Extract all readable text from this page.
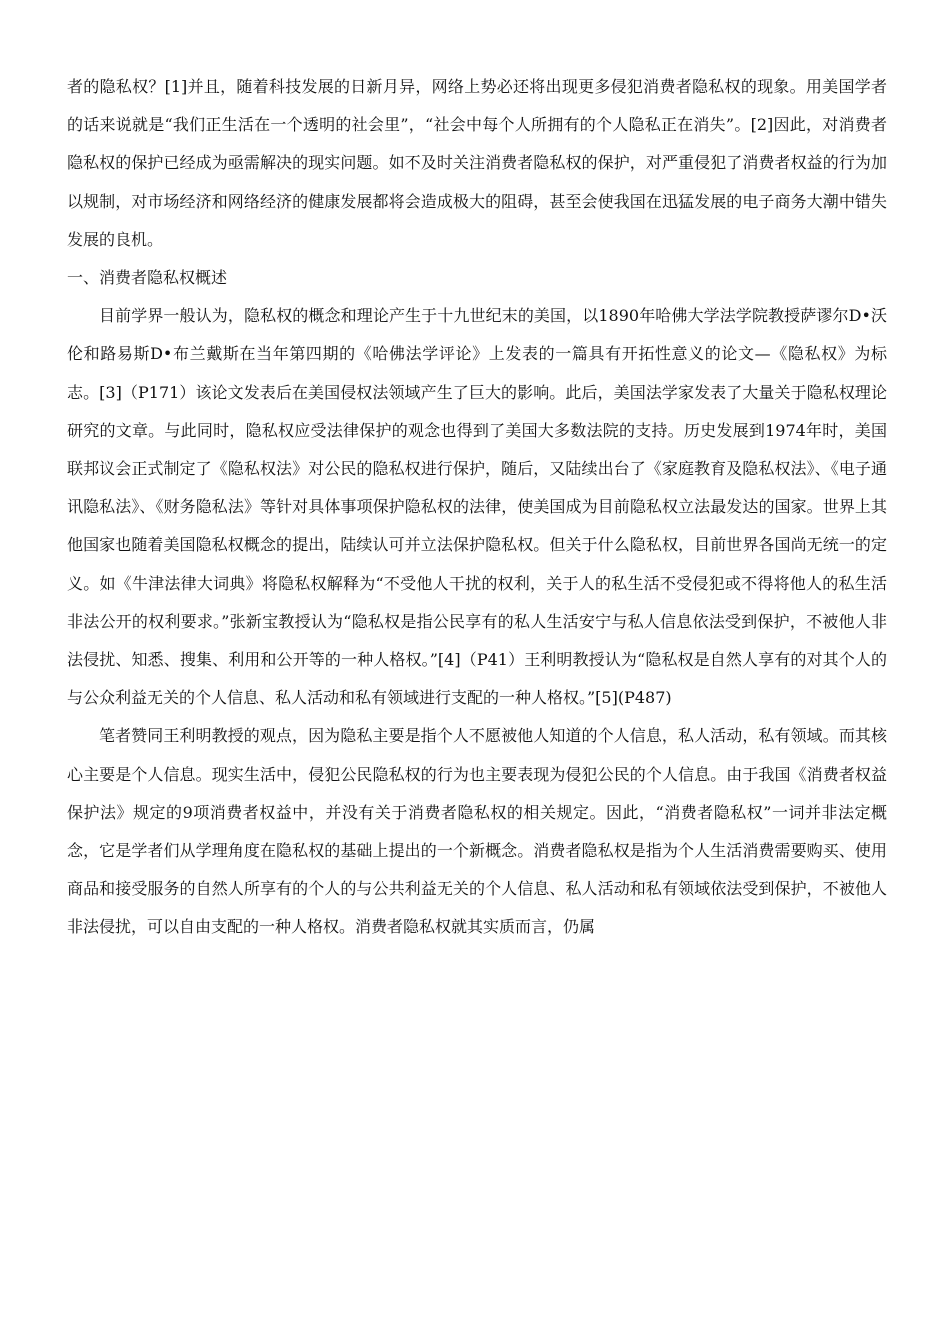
者的隐私权？[1]并且，随着科技发展的日新月异，网络上势必还将出现更多侵犯消费者隐私权的现象。用美国学者的话来说就是“我们正生活在一个透明的社会里”，“社会中每个人所拥有的个人隐私正在消失”。[2]因此，对消费者隐私权的保护已经成为亟需解决的现实问题。如不及时关注消费者隐私权的保护，对严重侵犯了消费者权益的行为加以规制，对市场经济和网络经济的健康发展都将会造成极大的阻碍，甚至会使我国在迅猛发展的电子商务大潮中错失发展的良机。

一、消费者隐私权概述

目前学界一般认为，隐私权的概念和理论产生于十九世纪末的美国，以1890年哈佛大学法学院教授萨谬尔D•沃伦和路易斯D•布兰戴斯在当年第四期的《哈佛法学评论》上发表的一篇具有开拓性意义的论文—《隐私权》为标志。[3]（P171）该论文发表后在美国侵权法领域产生了巨大的影响。此后，美国法学家发表了大量关于隐私权理论研究的文章。与此同时，隐私权应受法律保护的观念也得到了美国大多数法院的支持。历史发展到1974年时，美国联邦议会正式制定了《隐私权法》对公民的隐私权进行保护，随后，又陆续出台了《家庭教育及隐私权法》、《电子通讯隐私法》、《财务隐私法》等针对具体事项保护隐私权的法律，使美国成为目前隐私权立法最发达的国家。世界上其他国家也随着美国隐私权概念的提出，陆续认可并立法保护隐私权。但关于什么隐私权，目前世界各国尚无统一的定义。如《牛津法律大词典》将隐私权解释为“不受他人干扰的权利，关于人的私生活不受侵犯或不得将他人的私生活非法公开的权利要求。”张新宝教授认为“隐私权是指公民享有的私人生活安宁与私人信息依法受到保护，不被他人非法侵扰、知悉、搜集、利用和公开等的一种人格权。”[4]（P41）王利明教授认为“隐私权是自然人享有的对其个人的与公众利益无关的个人信息、私人活动和私有领域进行支配的一种人格权。”[5](P487)

笔者赞同王利明教授的观点，因为隐私主要是指个人不愿被他人知道的个人信息，私人活动，私有领域。而其核心主要是个人信息。现实生活中，侵犯公民隐私权的行为也主要表现为侵犯公民的个人信息。由于我国《消费者权益保护法》规定的9项消费者权益中，并没有关于消费者隐私权的相关规定。因此，“消费者隐私权”一词并非法定概念，它是学者们从学理角度在隐私权的基础上提出的一个新概念。消费者隐私权是指为个人生活消费需要购买、使用商品和接受服务的自然人所享有的个人的与公共利益无关的个人信息、私人活动和私有领域依法受到保护，不被他人非法侵扰，可以自由支配的一种人格权。消费者隐私权就其实质而言，仍属
